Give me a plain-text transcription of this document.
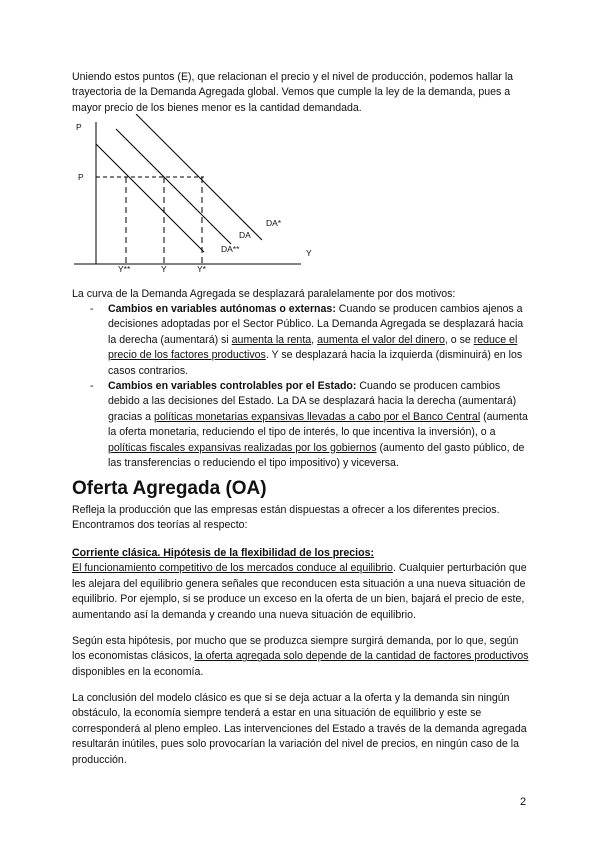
Uniendo estos puntos (E), que relacionan el precio y el nivel de producción, podemos hallar la trayectoria de la Demanda Agregada global. Vemos que cumple la ley de la demanda, pues a mayor precio de los bienes menor es la cantidad demandada.

P
Y
P
DA*
DA
DA**
Y**	Y	Y*

La curva de la Demanda Agregada se desplazará paralelamente por dos motivos:

- Cambios en variables autónomas o externas: Cuando se producen cambios ajenos a decisiones adoptadas por el Sector Público. La Demanda Agregada se desplazará hacia la derecha (aumentará) si aumenta la renta, aumenta el valor del dinero, o se reduce el precio de los factores productivos. Y se desplazará hacia la izquierda (disminuirá) en los casos contrarios.
- Cambios en variables controlables por el Estado: Cuando se producen cambios debido a las decisiones del Estado. La DA se desplazará hacia la derecha (aumentará) gracias a políticas monetarias expansivas llevadas a cabo por el Banco Central (aumenta la oferta monetaria, reduciendo el tipo de interés, lo que incentiva la inversión), o a políticas fiscales expansivas realizadas por los gobiernos (aumento del gasto público, de las transferencias o reduciendo el tipo impositivo) y viceversa.
Oferta Agregada (OA)

Refleja la producción que las empresas están dispuestas a ofrecer a los diferentes precios. Encontramos dos teorías al respecto:

Corriente clásica. Hipótesis de la flexibilidad de los precios:
El funcionamiento competitivo de los mercados conduce al equilibrio. Cualquier perturbación que les alejara del equilibrio genera señales que reconducen esta situación a una nueva situación de equilibrio. Por ejemplo, si se produce un exceso en la oferta de un bien, bajará el precio de este, aumentando así la demanda y creando una nueva situación de equilibrio.

Según esta hipótesis, por mucho que se produzca siempre surgirá demanda, por lo que, según los economistas clásicos, la oferta agregada solo depende de la cantidad de factores productivos disponibles en la economía.

La conclusión del modelo clásico es que si se deja actuar a la oferta y la demanda sin ningún obstáculo, la economía siempre tenderá a estar en una situación de equilibrio y este se corresponderá al pleno empleo. Las intervenciones del Estado a través de la demanda agregada resultarán inútiles, pues solo provocarían la variación del nivel de precios, en ningún caso de la producción.

2
